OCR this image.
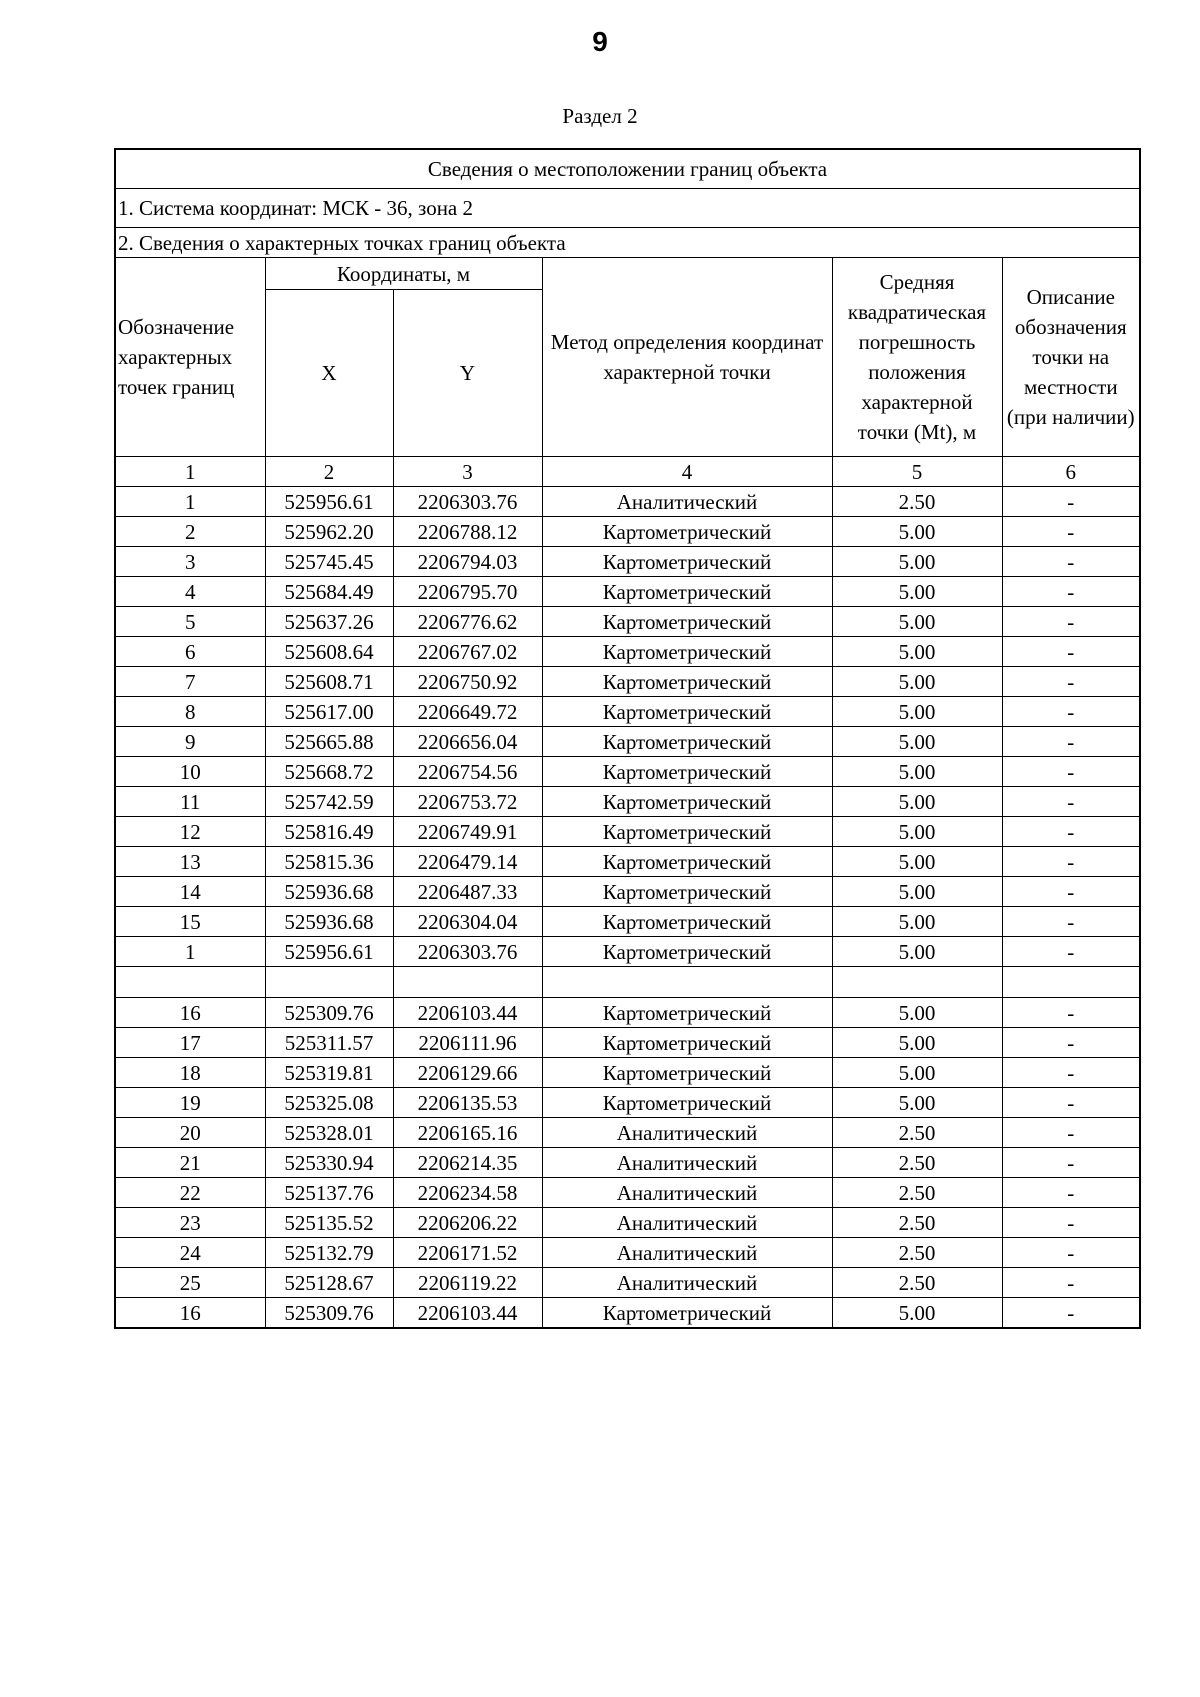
9
Раздел 2
Сведения о местоположении границ объекта					
1. Система координат: МСК - 36, зона 2					
2. Сведения о характерных точках границ объекта					
Обозначение характерных точек границ	Координаты, м		Метод определения координат характерной точки	Средняя квадратическая погрешность положения характерной точки (Mt), м	Описание обозначения точки на местности (при наличии)
	X	Y			
1	2	3	4	5	6
1	525956.61	2206303.76	Аналитический	2.50	-
2	525962.20	2206788.12	Картометрический	5.00	-
3	525745.45	2206794.03	Картометрический	5.00	-
4	525684.49	2206795.70	Картометрический	5.00	-
5	525637.26	2206776.62	Картометрический	5.00	-
6	525608.64	2206767.02	Картометрический	5.00	-
7	525608.71	2206750.92	Картометрический	5.00	-
8	525617.00	2206649.72	Картометрический	5.00	-
9	525665.88	2206656.04	Картометрический	5.00	-
10	525668.72	2206754.56	Картометрический	5.00	-
11	525742.59	2206753.72	Картометрический	5.00	-
12	525816.49	2206749.91	Картометрический	5.00	-
13	525815.36	2206479.14	Картометрический	5.00	-
14	525936.68	2206487.33	Картометрический	5.00	-
15	525936.68	2206304.04	Картометрический	5.00	-
1	525956.61	2206303.76	Картометрический	5.00	-

16	525309.76	2206103.44	Картометрический	5.00	-
17	525311.57	2206111.96	Картометрический	5.00	-
18	525319.81	2206129.66	Картометрический	5.00	-
19	525325.08	2206135.53	Картометрический	5.00	-
20	525328.01	2206165.16	Аналитический	2.50	-
21	525330.94	2206214.35	Аналитический	2.50	-
22	525137.76	2206234.58	Аналитический	2.50	-
23	525135.52	2206206.22	Аналитический	2.50	-
24	525132.79	2206171.52	Аналитический	2.50	-
25	525128.67	2206119.22	Аналитический	2.50	-
16	525309.76	2206103.44	Картометрический	5.00	-
